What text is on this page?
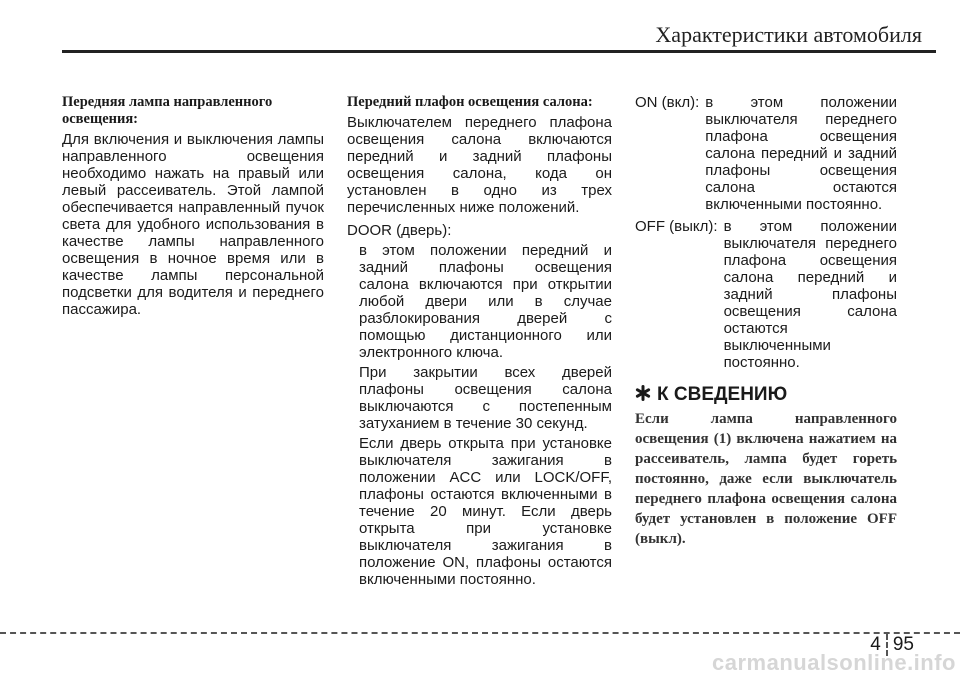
Характеристики автомобиля

Передняя лампа направленного освещения:

Для включения и выключения лампы направленного освещения необходимо нажать на правый или левый рассеиватель. Этой лампой обеспечивается направленный пучок света для удобного использования в качестве лампы направленного освещения в ночное время или в качестве лампы персональной подсветки для водителя и переднего пассажира.

Передний плафон освещения салона:

Выключателем переднего плафона освещения салона включаются передний и задний плафоны освещения салона, кода он установлен в одно из трех перечисленных ниже положений.

DOOR (дверь):

в этом положении передний и задний плафоны освещения салона включаются при открытии любой двери или в случае разблокирования дверей с помощью дистанционного или электронного ключа.

При закрытии всех дверей плафоны освещения салона выключаются с постепенным затуханием в течение 30 секунд.

Если дверь открыта при установке выключателя зажигания в положении ACC или LOCK/OFF, плафоны остаются включенными в течение 20 минут. Если дверь открыта при установке выключателя зажигания в положение ON, плафоны остаются включенными постоянно.

ON (вкл): в этом положении выключателя переднего плафона освещения салона передний и задний плафоны освещения салона остаются включенными постоянно.
OFF (выкл): в этом положении выключателя переднего плафона освещения салона передний и задний плафоны освещения салона остаются выключенными постоянно.
К СВЕДЕНИЮ

Если лампа направленного освещения (1) включена нажатием на рассеиватель, лампа будет гореть постоянно, даже если выключатель переднего плафона освещения салона будет установлен в положение OFF (выкл).

4 95
carmanualsonline.info
